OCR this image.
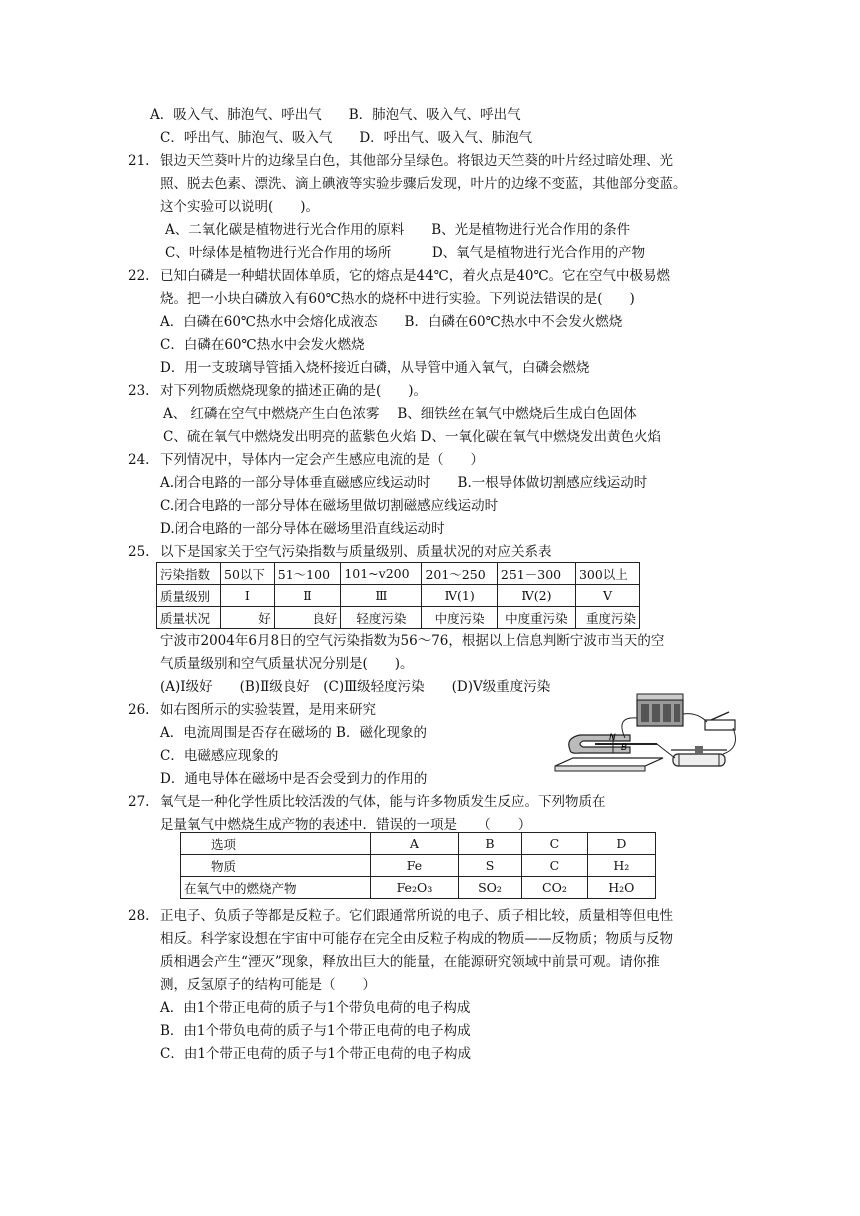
A．吸入气、肺泡气、呼出气　　B．肺泡气、吸入气、呼出气
C．呼出气、肺泡气、吸入气　　D．呼出气、吸入气、肺泡气
21. 银边天竺葵叶片的边缘呈白色，其他部分呈绿色。将银边天竺葵的叶片经过暗处理、光
照、脱去色素、漂洗、滴上碘液等实验步骤后发现，叶片的边缘不变蓝，其他部分变蓝。
这个实验可以说明(　　)。
A、二氧化碳是植物进行光合作用的原料　　B、光是植物进行光合作用的条件
C、叶绿体是植物进行光合作用的场所　　　D、氧气是植物进行光合作用的产物
22. 已知白磷是一种蜡状固体单质，它的熔点是44℃，着火点是40℃。它在空气中极易燃
烧。把一小块白磷放入有60℃热水的烧杯中进行实验。下列说法错误的是(　　)
A．白磷在60℃热水中会熔化成液态　　B．白磷在60℃热水中不会发火燃烧
C．白磷在60℃热水中会发火燃烧
D．用一支玻璃导管插入烧杯接近白磷，从导管中通入氧气，白磷会燃烧
23. 对下列物质燃烧现象的描述正确的是(　　)。
A、 红磷在空气中燃烧产生白色浓雾　 B、细铁丝在氧气中燃烧后生成白色固体
C、硫在氧气中燃烧发出明亮的蓝紫色火焰 D、一氧化碳在氧气中燃烧发出黄色火焰
24. 下列情况中，导体内一定会产生感应电流的是（　　）
A.闭合电路的一部分导体垂直磁感应线运动时　　B.一根导体做切割感应线运动时
C.闭合电路的一部分导体在磁场里做切割磁感应线运动时
D.闭合电路的一部分导体在磁场里沿直线运动时
25. 以下是国家关于空气污染指数与质量级别、质量状况的对应关系表
污染指数	50以下	51～100	101~v200	201～250	251－300	300以上
质量级别	Ⅰ	Ⅱ	Ⅲ	Ⅳ(1)	Ⅳ(2)	Ⅴ
质量状况	好	良好	轻度污染	中度污染	中度重污染	重度污染
宁波市2004年6月8日的空气污染指数为56～76，根据以上信息判断宁波市当天的空
气质量级别和空气质量状况分别是(　　)。
(A)Ⅰ级好　　(B)Ⅱ级良好　(C)Ⅲ级轻度污染　　(D)Ⅴ级重度污染
26. 如右图所示的实验装置，是用来研究
A．电流周围是否存在磁场的 B．磁化现象的
C．电磁感应现象的
D．通电导体在磁场中是否会受到力的作用的
N
B
27. 氧气是一种化学性质比较活泼的气体，能与许多物质发生反应。下列物质在
足量氧气中燃烧生成产物的表述中．错误的一项是　　（　　）
选项	A	B	C	D
物质	Fe	S	C	H₂
在氧气中的燃烧产物	Fe₂O₃	SO₂	CO₂	H₂O
28. 正电子、负质子等都是反粒子。它们跟通常所说的电子、质子相比较，质量相等但电性
相反。科学家设想在宇宙中可能存在完全由反粒子构成的物质——反物质；物质与反物
质相遇会产生“湮灭”现象，释放出巨大的能量，在能源研究领域中前景可观。请你推
测，反氢原子的结构可能是（　　）
A．由1个带正电荷的质子与1个带负电荷的电子构成
B．由1个带负电荷的质子与1个带正电荷的电子构成
C．由1个带正电荷的质子与1个带正电荷的电子构成
